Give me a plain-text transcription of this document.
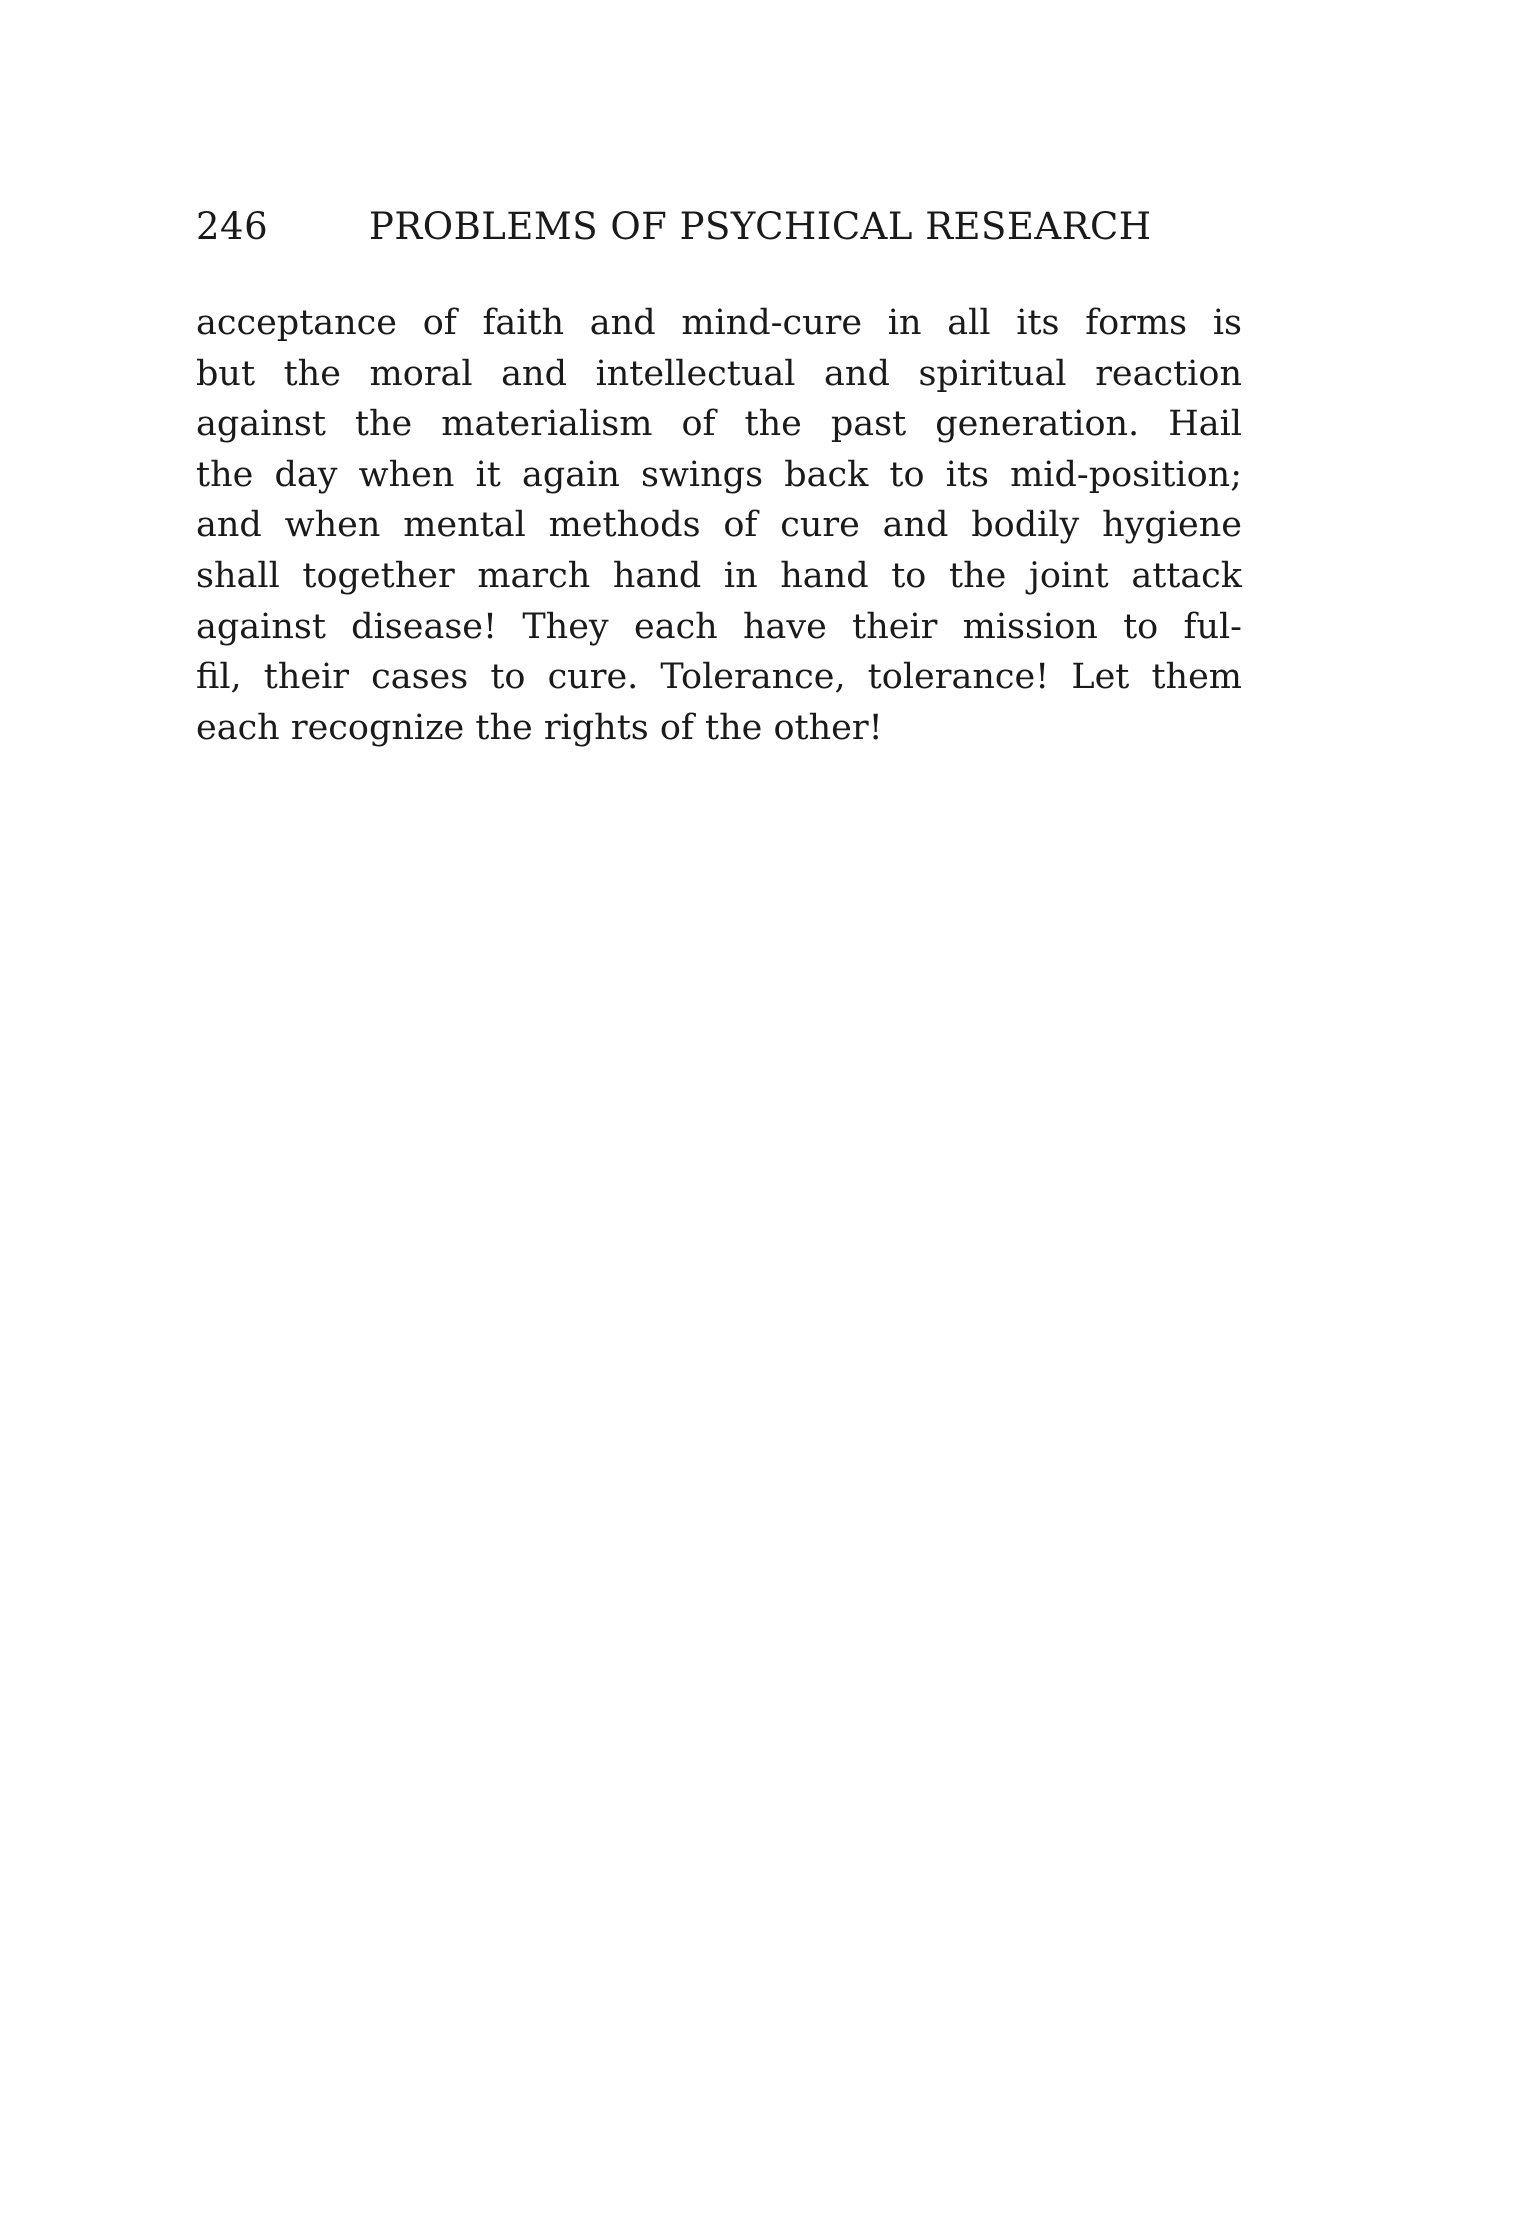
246	PROBLEMS OF PSYCHICAL RESEARCH
acceptance of faith and mind-cure in all its forms is
but the moral and intellectual and spiritual reaction
against the materialism of the past generation. Hail
the day when it again swings back to its mid-position;
and when mental methods of cure and bodily hygiene
shall together march hand in hand to the joint attack
against disease! They each have their mission to ful-
fil, their cases to cure. Tolerance, tolerance! Let them
each recognize the rights of the other!
